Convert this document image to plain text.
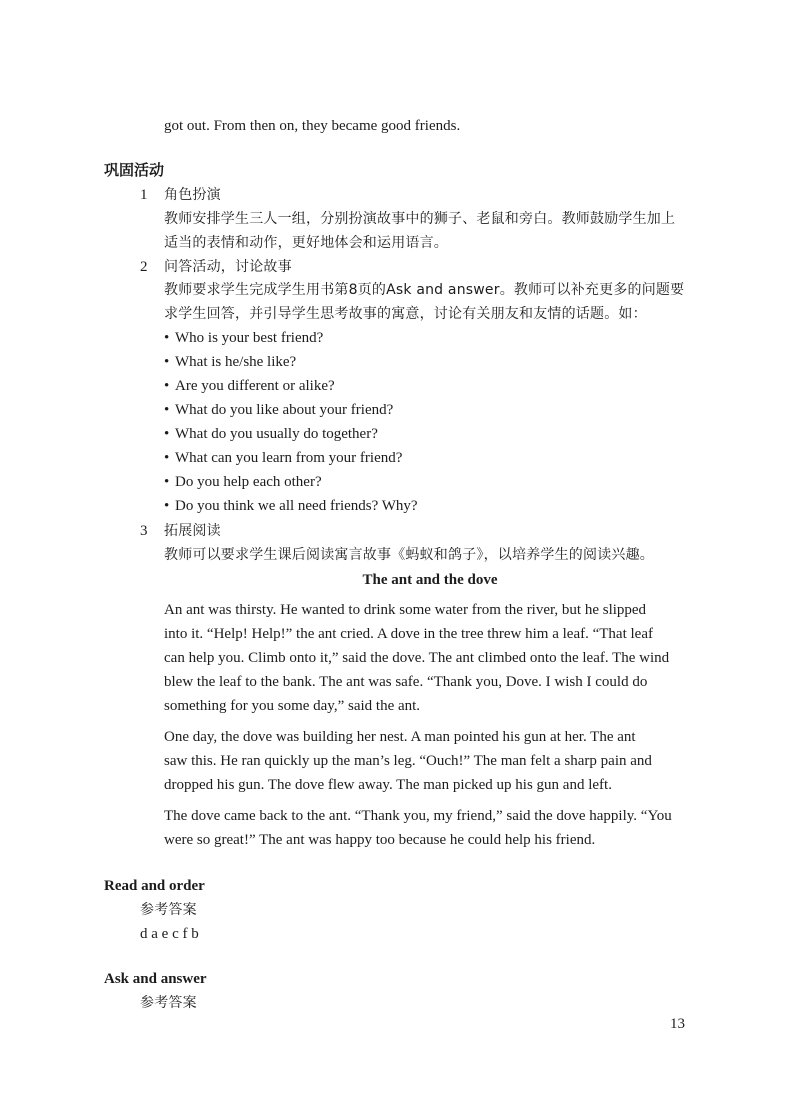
got out. From then on, they became good friends.
巩固活动
1 角色扮演
教师安排学生三人一组，分别扮演故事中的狮子、老鼠和旁白。教师鼓励学生加上
适当的表情和动作，更好地体会和运用语言。
2 问答活动，讨论故事
教师要求学生完成学生用书第8页的Ask and answer。教师可以补充更多的问题要
求学生回答，并引导学生思考故事的寓意，讨论有关朋友和友情的话题。如：
• Who is your best friend?
• What is he/she like?
• Are you different or alike?
• What do you like about your friend?
• What do you usually do together?
• What can you learn from your friend?
• Do you help each other?
• Do you think we all need friends? Why?
3 拓展阅读
教师可以要求学生课后阅读寓言故事《蚂蚁和鸽子》，以培养学生的阅读兴趣。
The ant and the dove
An ant was thirsty. He wanted to drink some water from the river, but he slipped
into it. “Help! Help!” the ant cried. A dove in the tree threw him a leaf. “That leaf
can help you. Climb onto it,” said the dove. The ant climbed onto the leaf. The wind
blew the leaf to the bank. The ant was safe. “Thank you, Dove. I wish I could do
something for you some day,” said the ant.
One day, the dove was building her nest. A man pointed his gun at her. The ant
saw this. He ran quickly up the man’s leg. “Ouch!” The man felt a sharp pain and
dropped his gun. The dove flew away. The man picked up his gun and left.
The dove came back to the ant. “Thank you, my friend,” said the dove happily. “You
were so great!” The ant was happy too because he could help his friend.
Read and order
参考答案
d a e c f b
Ask and answer
参考答案
13
